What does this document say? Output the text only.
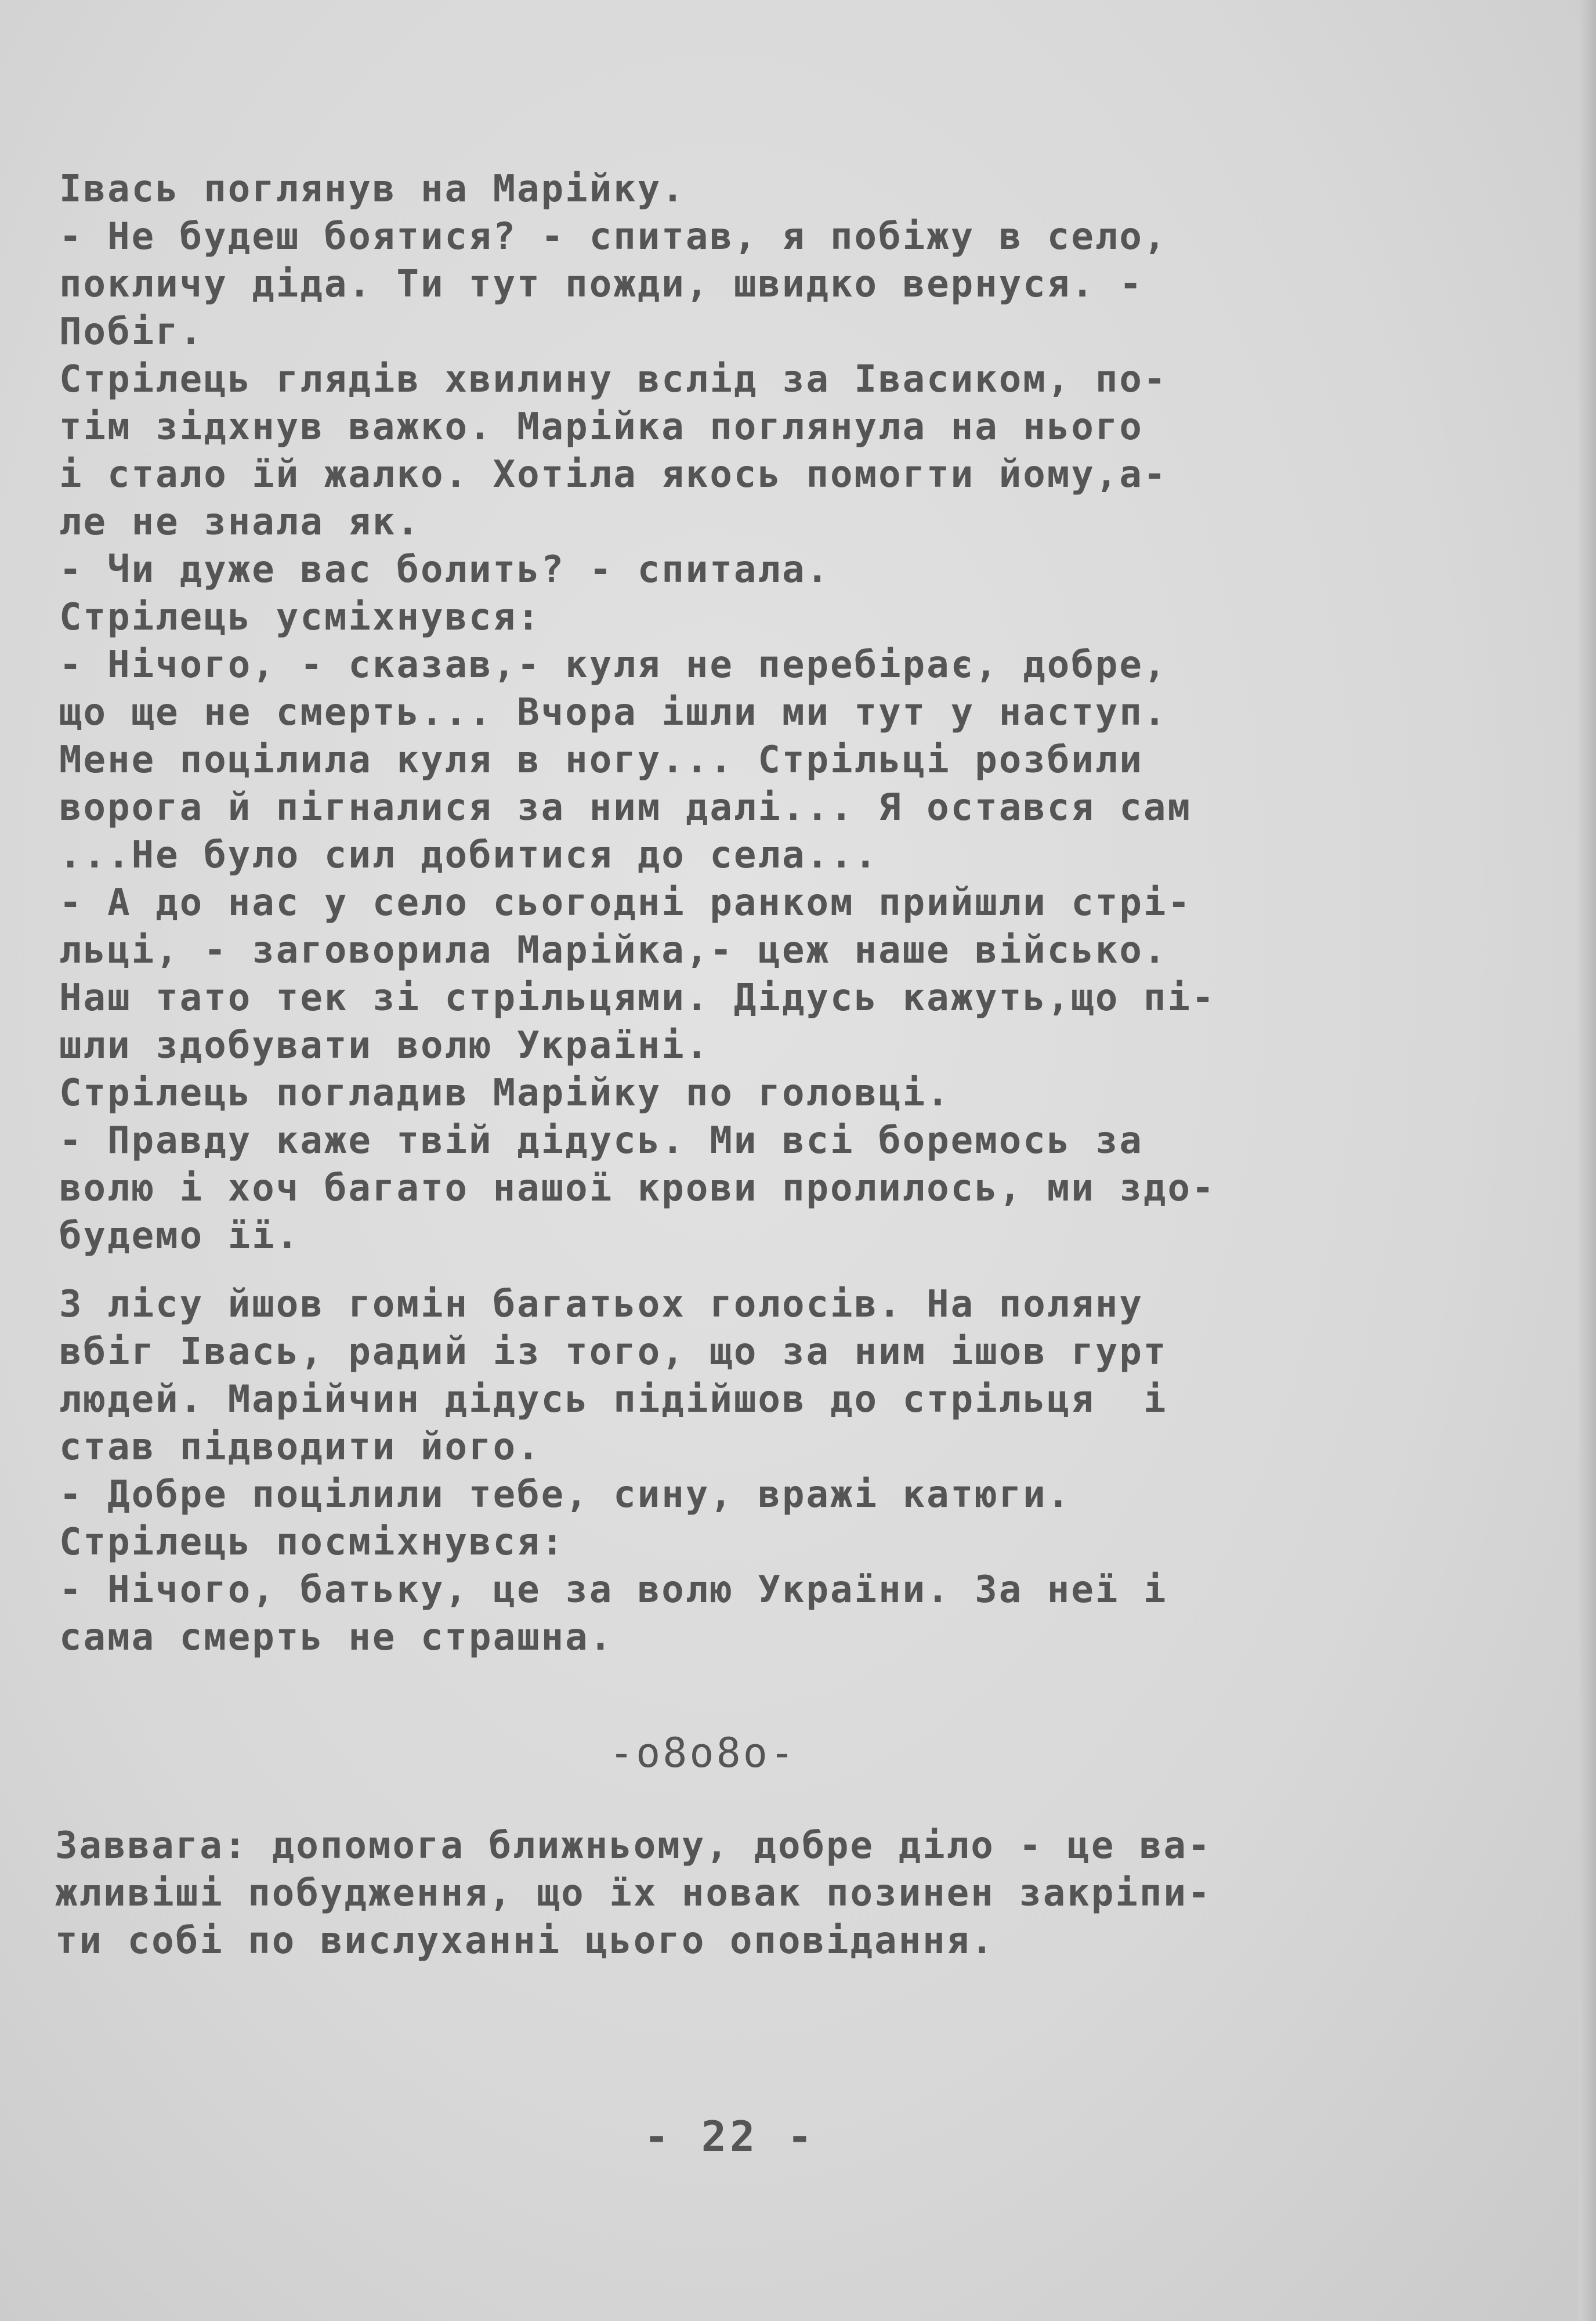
Івась поглянув на Марійку.
- Не будеш боятися? - спитав, я побіжу в село,
покличу діда. Ти тут пожди, швидко вернуся. -
Побіг.
Стрілець глядів хвилину вслід за Івасиком, по-
тім зідхнув важко. Марійка поглянула на нього
і стало їй жалко. Хотіла якось помогти йому,а-
ле не знала як.
- Чи дуже вас болить? - спитала.
Стрілець усміхнувся:
- Нічого, - сказав,- куля не перебірає, добре,
що ще не смерть... Вчора ішли ми тут у наступ.
Мене поцілила куля в ногу... Стрільці розбили
ворога й пігналися за ним далі... Я остався сам
...Не було сил добитися до села...
- А до нас у село сьогодні ранком прийшли стрі-
льці, - заговорила Марійка,- цеж наше військо.
Наш тато тек зі стрільцями. Дідусь кажуть,що пі-
шли здобувати волю Україні.
Стрілець погладив Марійку по головці.
- Правду каже твій дідусь. Ми всі боремось за
волю і хоч багато нашої крови пролилось, ми здо-
будемо її.
З лісу йшов гомін багатьох голосів. На поляну
вбіг Івась, радий із того, що за ним ішов гурт
людей. Марійчин дідусь підійшов до стрільця  і
став підводити його.
- Добре поцілили тебе, сину, вражі катюги.
Стрілець посміхнувся:
- Нічого, батьку, це за волю України. За неї і
сама смерть не страшна.
-o8o8o-
Заввага: допомога ближньому, добре діло - це ва-
жливіші побудження, що їх новак позинен закріпи-
ти собі по вислуханні цього оповідання.
- 22 -
